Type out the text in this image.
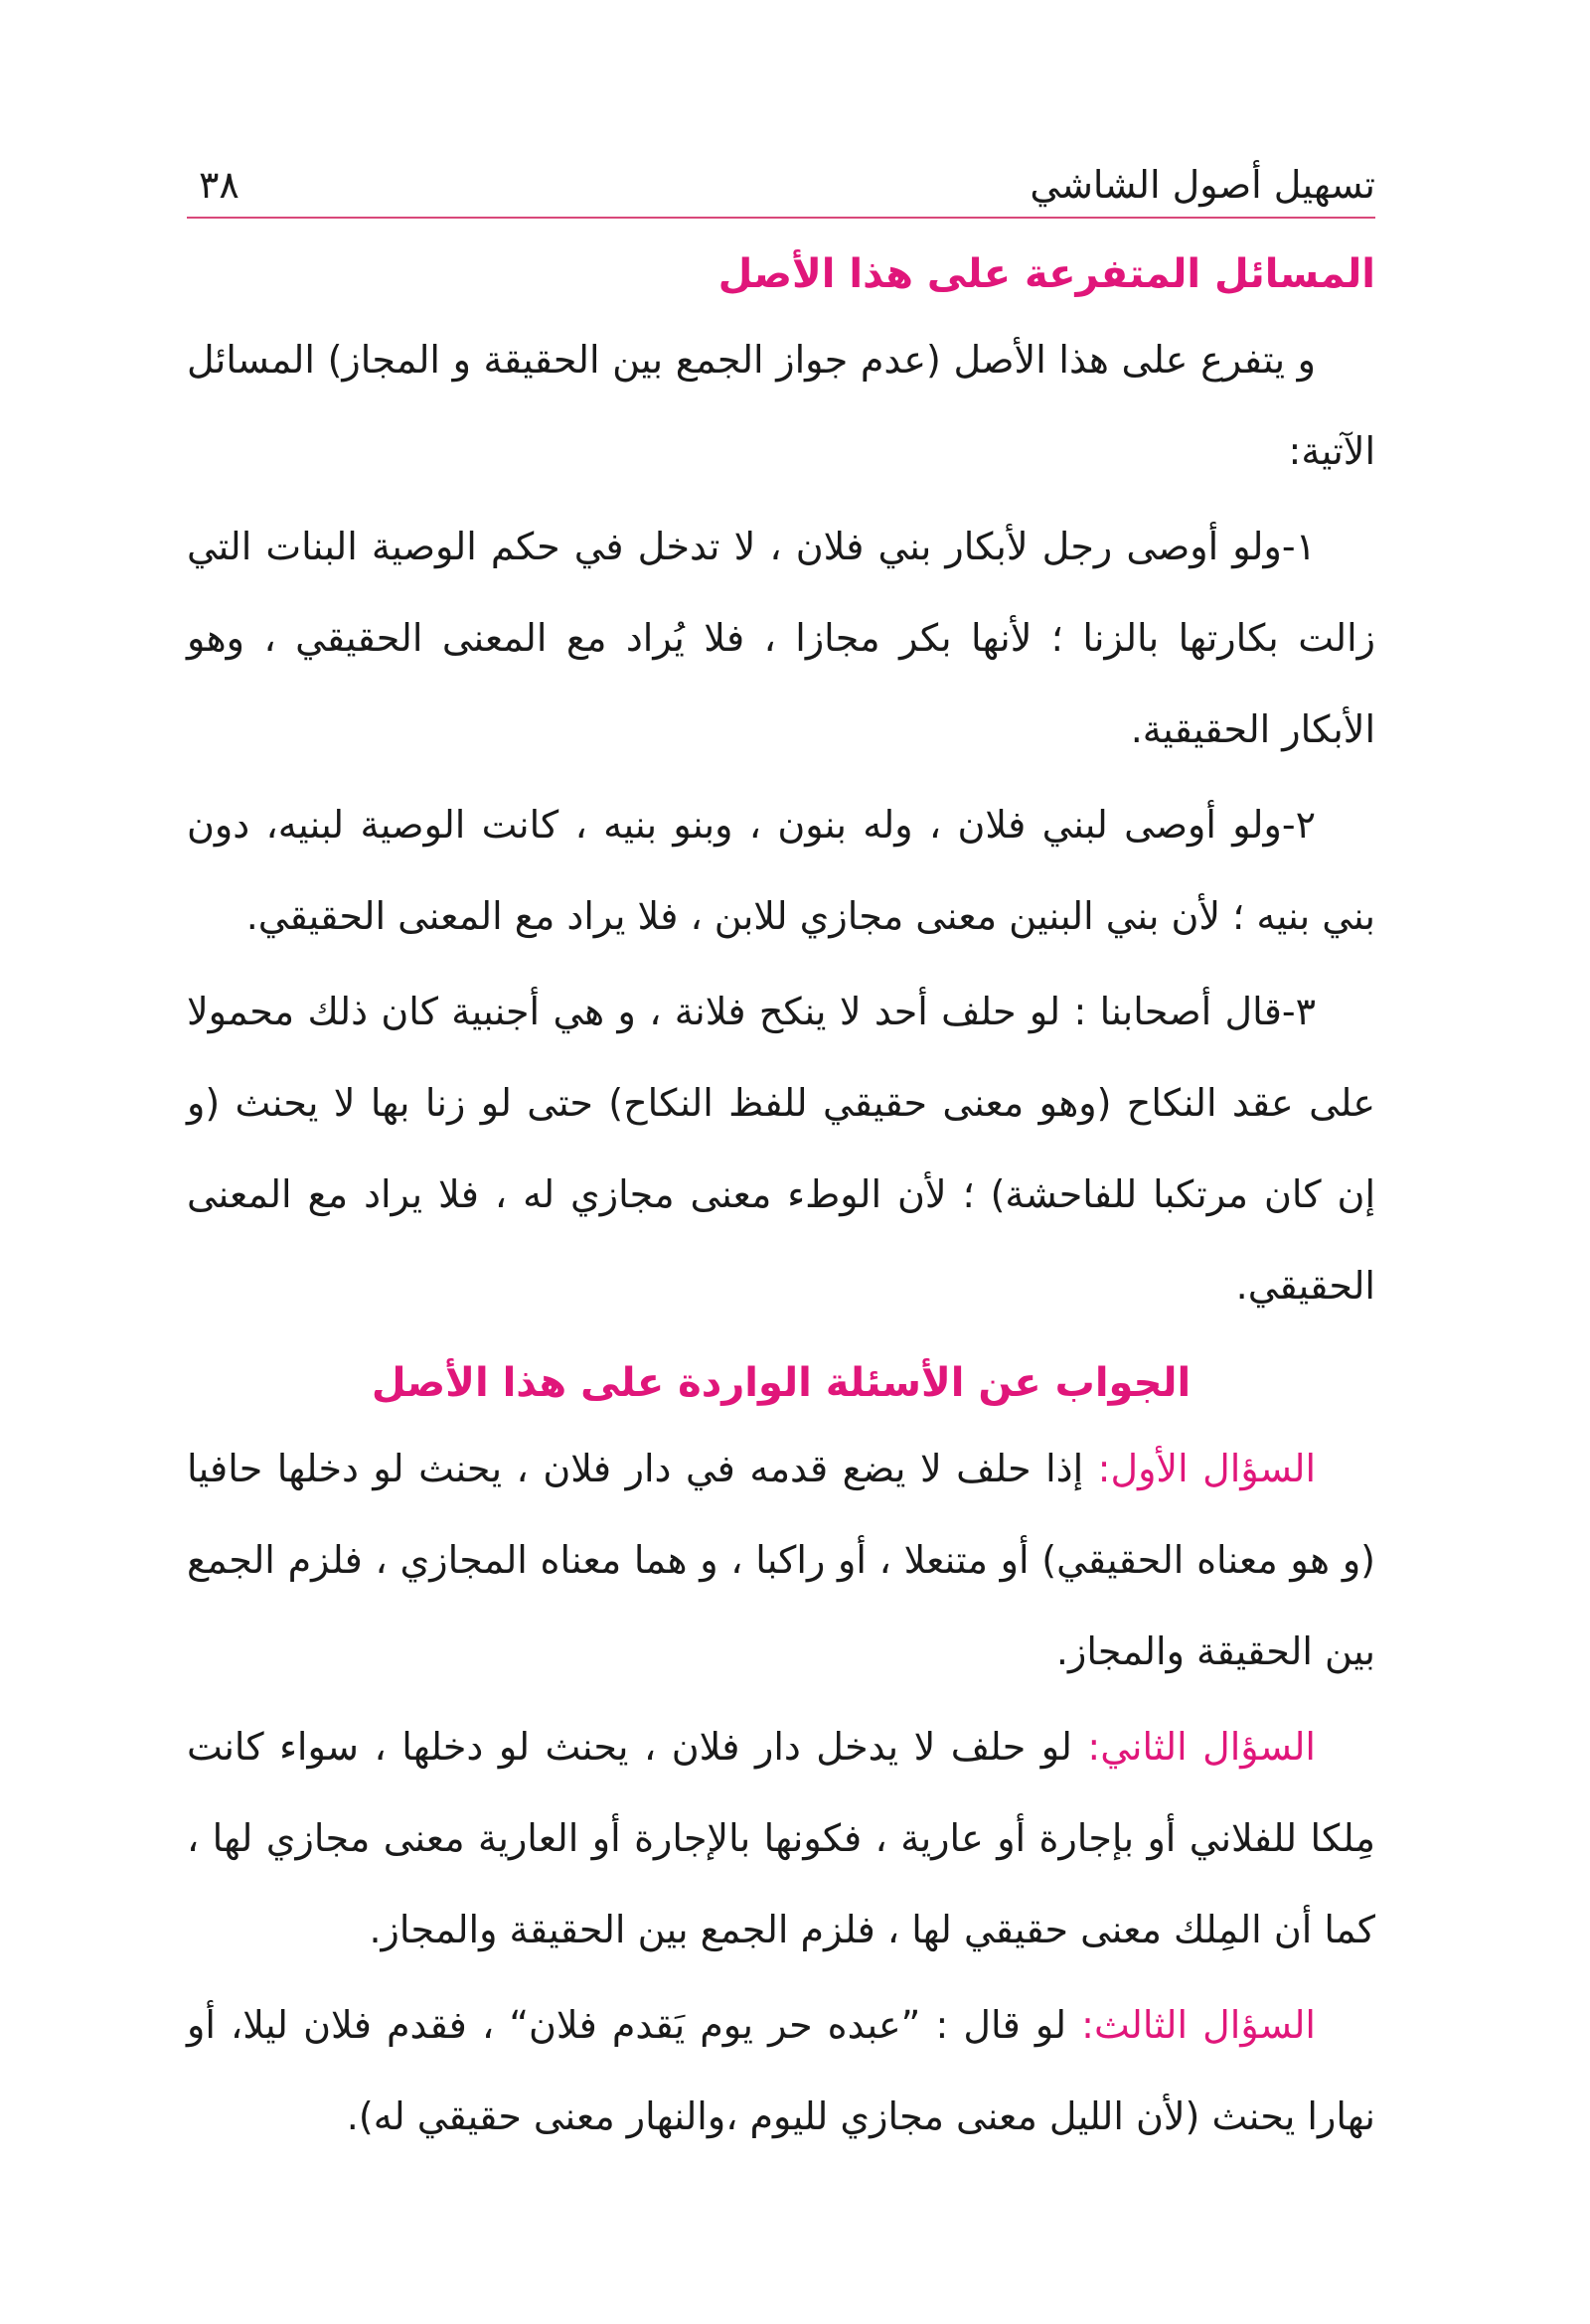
تسهيل أصول الشاشي
٣٨
المسائل المتفرعة على هذا الأصل

و يتفرع على هذا الأصل (عدم جواز الجمع بين الحقيقة و المجاز) المسائل الآتية:

١-ولو أوصى رجل لأبكار بني فلان ، لا تدخل في حكم الوصية البنات التي زالت بكارتها بالزنا ؛ لأنها بكر مجازا ، فلا يُراد مع المعنى الحقيقي ، وهو الأبكار الحقيقية.

٢-ولو أوصى لبني فلان ، وله بنون ، وبنو بنيه ، كانت الوصية لبنيه، دون بني بنيه ؛ لأن بني البنين معنى مجازي للابن ، فلا يراد مع المعنى الحقيقي.

٣-قال أصحابنا : لو حلف أحد لا ينكح فلانة ، و هي أجنبية كان ذلك محمولا على عقد النكاح (وهو معنى حقيقي للفظ النكاح) حتى لو زنا بها لا يحنث (و إن كان مرتكبا للفاحشة) ؛ لأن الوطء معنى مجازي له ، فلا يراد مع المعنى الحقيقي.

الجواب عن الأسئلة الواردة على هذا الأصل

السؤال الأول: إذا حلف لا يضع قدمه في دار فلان ، يحنث لو دخلها حافيا (و هو معناه الحقيقي) أو متنعلا ، أو راكبا ، و هما معناه المجازي ، فلزم الجمع بين الحقيقة والمجاز.

السؤال الثاني: لو حلف لا يدخل دار فلان ، يحنث لو دخلها ، سواء كانت مِلكا للفلاني أو بإجارة أو عارية ، فكونها بالإجارة أو العارية معنى مجازي لها ، كما أن المِلك معنى حقيقي لها ، فلزم الجمع بين الحقيقة والمجاز.

السؤال الثالث: لو قال : ”عبده حر يوم يَقدم فلان“ ، فقدم فلان ليلا، أو نهارا يحنث (لأن الليل معنى مجازي لليوم ،والنهار معنى حقيقي له).
